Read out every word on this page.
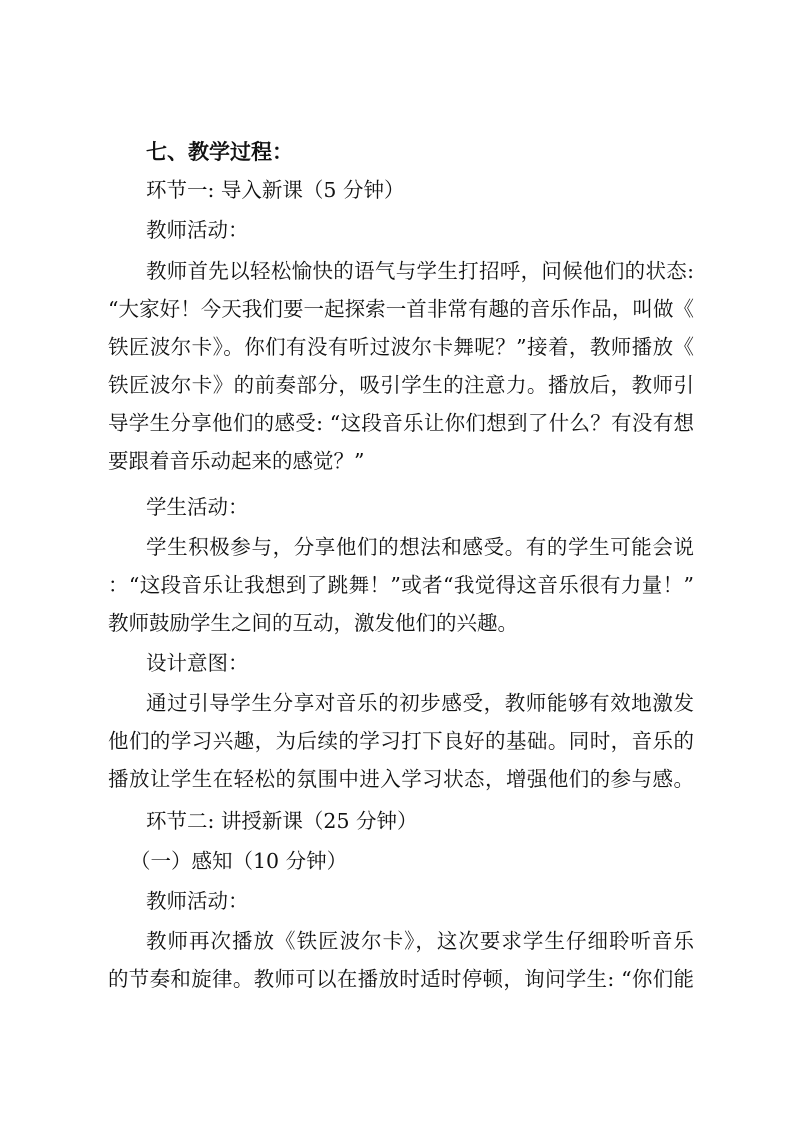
七、教学过程：
环节一: 导入新课（5 分钟）
教师活动：
教师首先以轻松愉快的语气与学生打招呼，问候他们的状态:
“大家好！今天我们要一起探索一首非常有趣的音乐作品，叫做《
铁匠波尔卡》。你们有没有听过波尔卡舞呢？”接着，教师播放《
铁匠波尔卡》的前奏部分，吸引学生的注意力。播放后，教师引
导学生分享他们的感受: “这段音乐让你们想到了什么？有没有想
要跟着音乐动起来的感觉？”
学生活动：
学生积极参与，分享他们的想法和感受。有的学生可能会说
：“这段音乐让我想到了跳舞！”或者“我觉得这音乐很有力量！”
教师鼓励学生之间的互动，激发他们的兴趣。
设计意图：
通过引导学生分享对音乐的初步感受，教师能够有效地激发
他们的学习兴趣，为后续的学习打下良好的基础。同时，音乐的
播放让学生在轻松的氛围中进入学习状态，增强他们的参与感。
环节二: 讲授新课（25 分钟）
（一）感知（10 分钟）
教师活动：
教师再次播放《铁匠波尔卡》，这次要求学生仔细聆听音乐
的节奏和旋律。教师可以在播放时适时停顿，询问学生: “你们能
